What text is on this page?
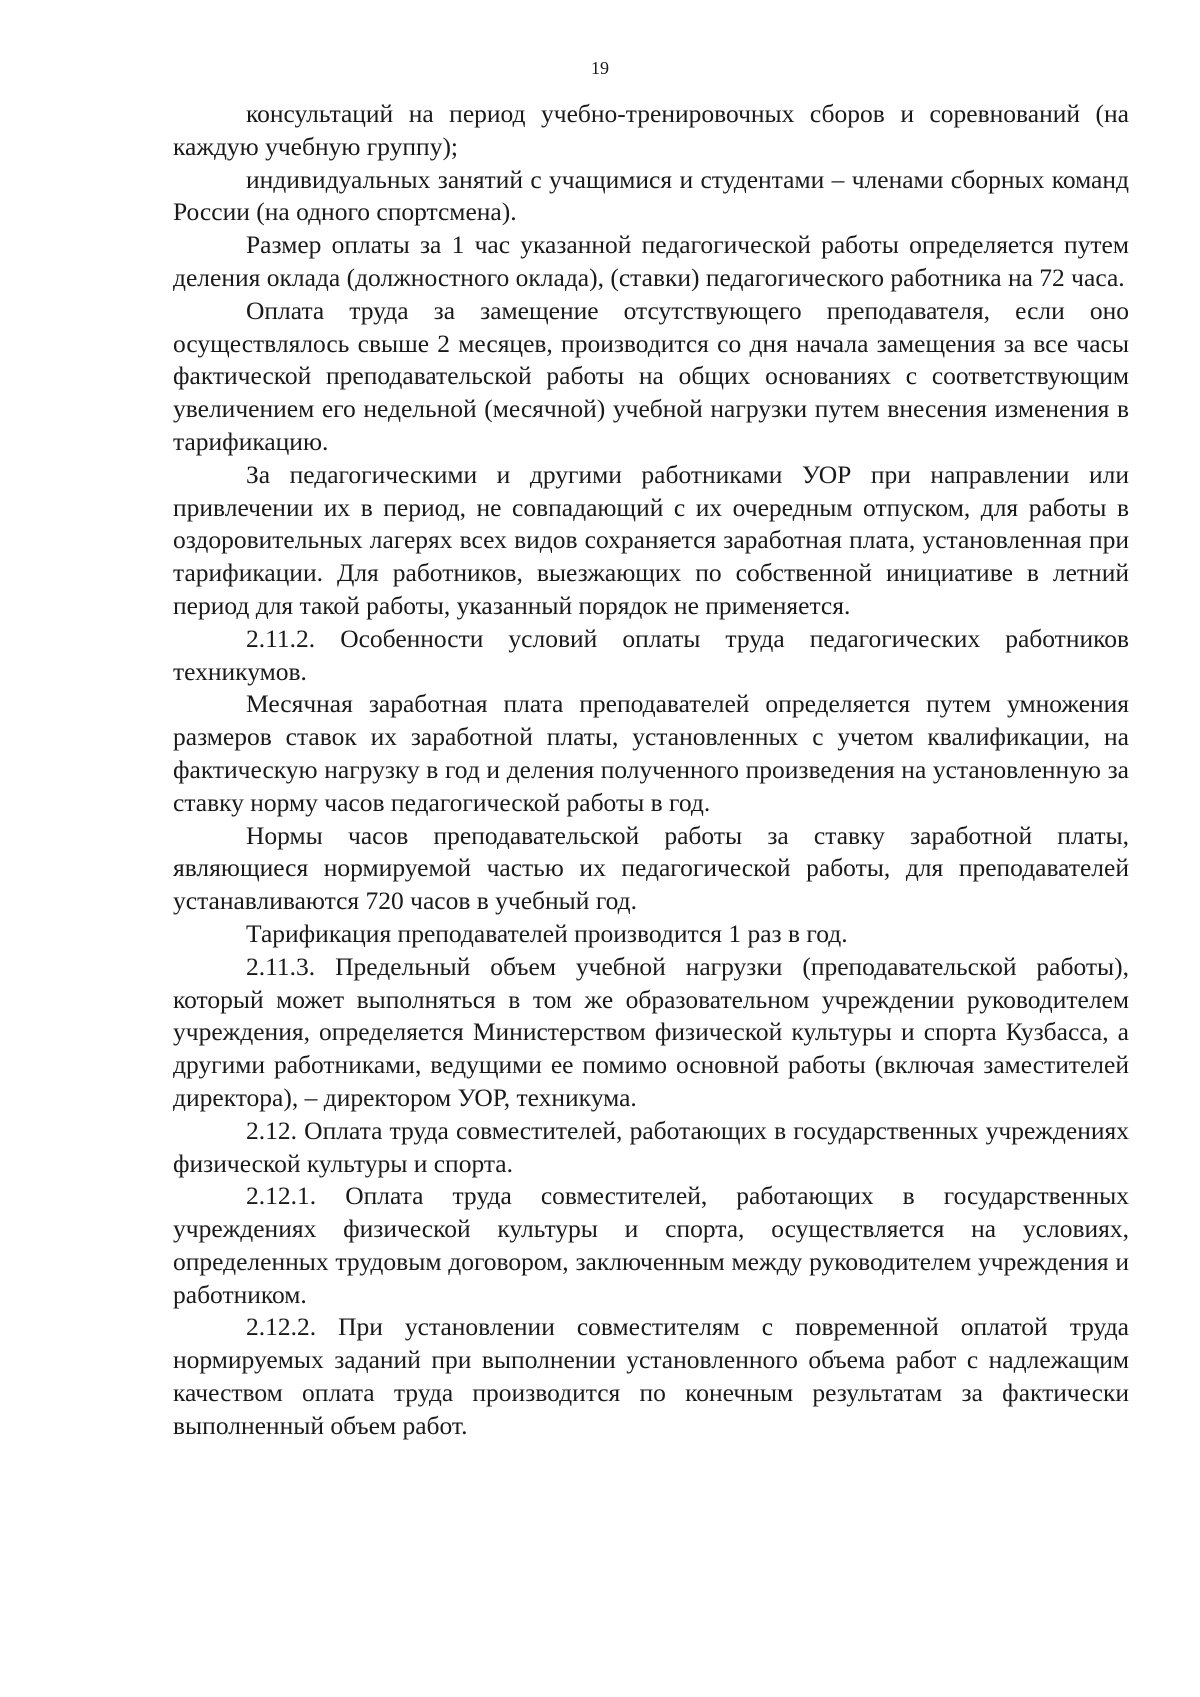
19

консультаций на период учебно-тренировочных сборов и соревнований (на каждую учебную группу);

индивидуальных занятий с учащимися и студентами – членами сборных команд России (на одного спортсмена).

Размер оплаты за 1 час указанной педагогической работы определяется путем деления оклада (должностного оклада), (ставки) педагогического работника на 72 часа.

Оплата труда за замещение отсутствующего преподавателя, если оно осуществлялось свыше 2 месяцев, производится со дня начала замещения за все часы фактической преподавательской работы на общих основаниях с соответствующим увеличением его недельной (месячной) учебной нагрузки путем внесения изменения в тарификацию.

За педагогическими и другими работниками УОР при направлении или привлечении их в период, не совпадающий с их очередным отпуском, для работы в оздоровительных лагерях всех видов сохраняется заработная плата, установленная при тарификации. Для работников, выезжающих по собственной инициативе в летний период для такой работы, указанный порядок не применяется.

2.11.2. Особенности условий оплаты труда педагогических работников техникумов.

Месячная заработная плата преподавателей определяется путем умножения размеров ставок их заработной платы, установленных с учетом квалификации, на фактическую нагрузку в год и деления полученного произведения на установленную за ставку норму часов педагогической работы в год.

Нормы часов преподавательской работы за ставку заработной платы, являющиеся нормируемой частью их педагогической работы, для преподавателей устанавливаются 720 часов в учебный год.

Тарификация преподавателей производится 1 раз в год.

2.11.3. Предельный объем учебной нагрузки (преподавательской работы), который может выполняться в том же образовательном учреждении руководителем учреждения, определяется Министерством физической культуры и спорта Кузбасса, а другими работниками, ведущими ее помимо основной работы (включая заместителей директора), – директором УОР, техникума.

2.12. Оплата труда совместителей, работающих в государственных учреждениях физической культуры и спорта.

2.12.1. Оплата труда совместителей, работающих в государственных учреждениях физической культуры и спорта, осуществляется на условиях, определенных трудовым договором, заключенным между руководителем учреждения и работником.

2.12.2. При установлении совместителям с повременной оплатой труда нормируемых заданий при выполнении установленного объема работ с надлежащим качеством оплата труда производится по конечным результатам за фактически выполненный объем работ.
